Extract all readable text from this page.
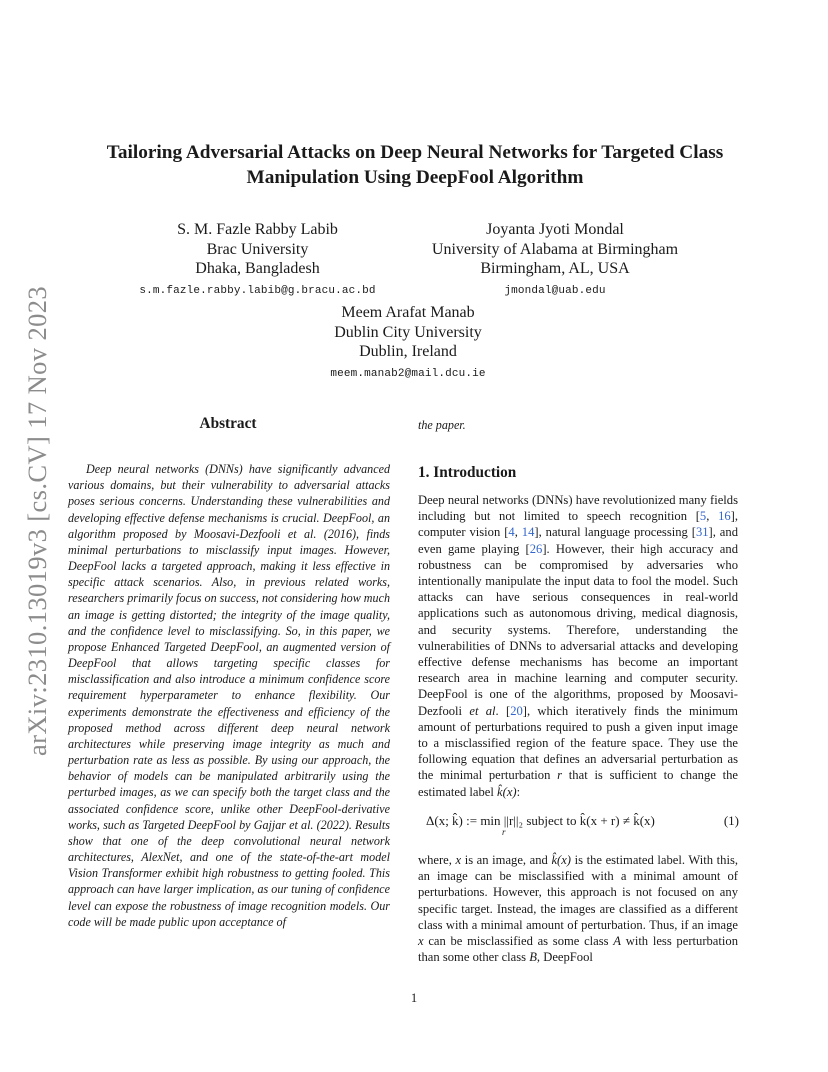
arXiv:2310.13019v3 [cs.CV] 17 Nov 2023
Tailoring Adversarial Attacks on Deep Neural Networks for Targeted Class Manipulation Using DeepFool Algorithm
S. M. Fazle Rabby Labib
Brac University
Dhaka, Bangladesh
s.m.fazle.rabby.labib@g.bracu.ac.bd
Joyanta Jyoti Mondal
University of Alabama at Birmingham
Birmingham, AL, USA
jmondal@uab.edu
Meem Arafat Manab
Dublin City University
Dublin, Ireland
meem.manab2@mail.dcu.ie
Abstract

Deep neural networks (DNNs) have significantly advanced various domains, but their vulnerability to adversarial attacks poses serious concerns. Understanding these vulnerabilities and developing effective defense mechanisms is crucial. DeepFool, an algorithm proposed by Moosavi-Dezfooli et al. (2016), finds minimal perturbations to misclassify input images. However, DeepFool lacks a targeted approach, making it less effective in specific attack scenarios. Also, in previous related works, researchers primarily focus on success, not considering how much an image is getting distorted; the integrity of the image quality, and the confidence level to misclassifying. So, in this paper, we propose Enhanced Targeted DeepFool, an augmented version of DeepFool that allows targeting specific classes for misclassification and also introduce a minimum confidence score requirement hyperparameter to enhance flexibility. Our experiments demonstrate the effectiveness and efficiency of the proposed method across different deep neural network architectures while preserving image integrity as much and perturbation rate as less as possible. By using our approach, the behavior of models can be manipulated arbitrarily using the perturbed images, as we can specify both the target class and the associated confidence score, unlike other DeepFool-derivative works, such as Targeted DeepFool by Gajjar et al. (2022). Results show that one of the deep convolutional neural network architectures, AlexNet, and one of the state-of-the-art model Vision Transformer exhibit high robustness to getting fooled. This approach can have larger implication, as our tuning of confidence level can expose the robustness of image recognition models. Our code will be made public upon acceptance of

the paper.

1. Introduction

Deep neural networks (DNNs) have revolutionized many fields including but not limited to speech recognition [5, 16], computer vision [4, 14], natural language processing [31], and even game playing [26]. However, their high accuracy and robustness can be compromised by adversaries who intentionally manipulate the input data to fool the model. Such attacks can have serious consequences in real-world applications such as autonomous driving, medical diagnosis, and security systems. Therefore, understanding the vulnerabilities of DNNs to adversarial attacks and developing effective defense mechanisms has become an important research area in machine learning and computer security. DeepFool is one of the algorithms, proposed by Moosavi-Dezfooli et al. [20], which iteratively finds the minimum amount of perturbations required to push a given input image to a misclassified region of the feature space. They use the following equation that defines an adversarial perturbation as the minimal perturbation r that is sufficient to change the estimated label k̂(x):

Δ(x; k̂) := min ||r||₂ subject to k̂(x + r) ≠ k̂(x)
r
(1)

where, x is an image, and k̂(x) is the estimated label. With this, an image can be misclassified with a minimal amount of perturbations. However, this approach is not focused on any specific target. Instead, the images are classified as a different class with a minimal amount of perturbation. Thus, if an image x can be misclassified as some class A with less perturbation than some other class B, DeepFool

1
